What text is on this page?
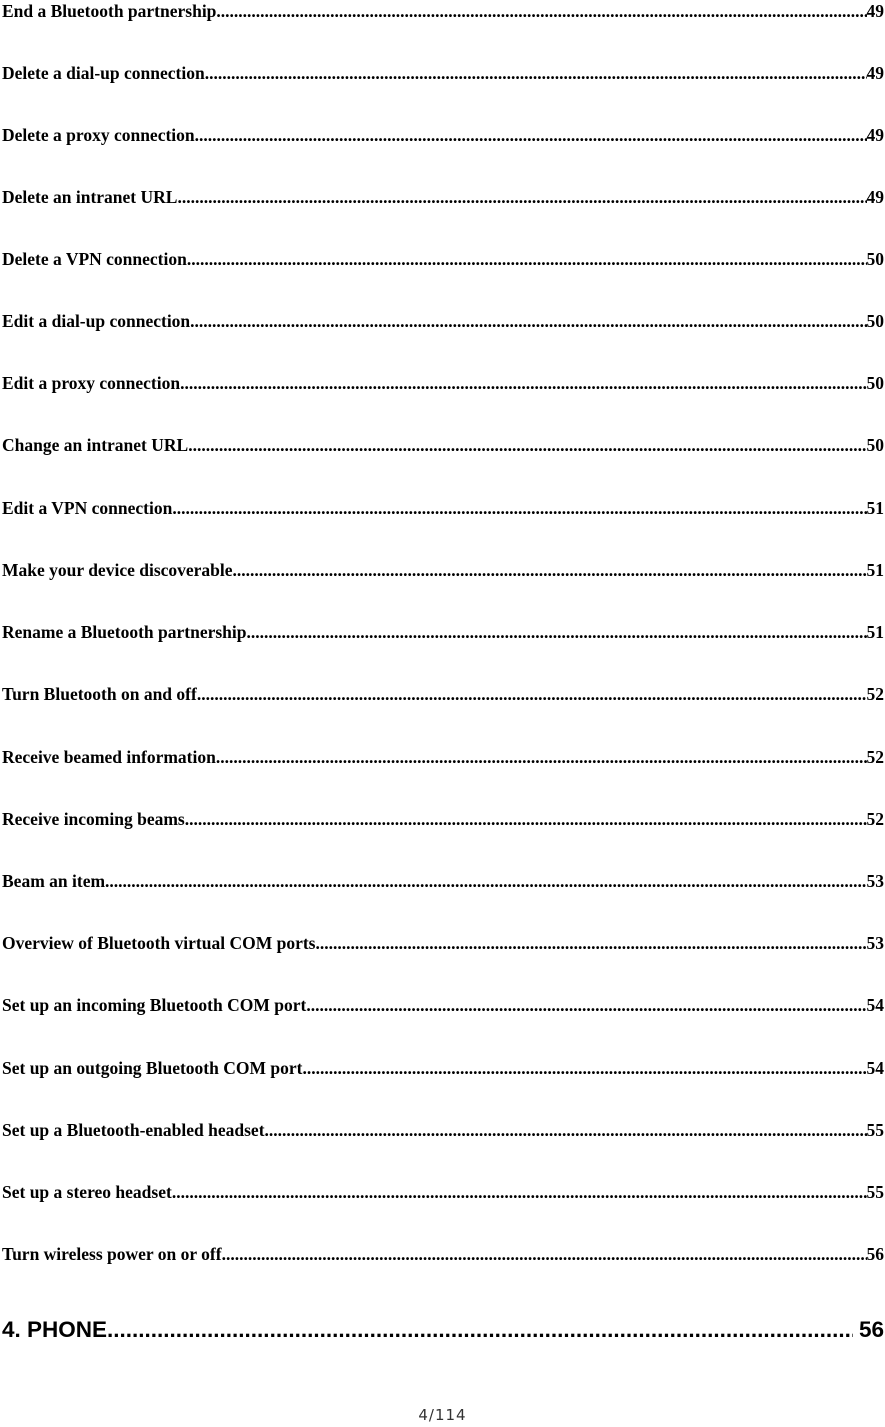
End a Bluetooth partnership .....	49
Delete a dial-up connection .....	49
Delete a proxy connection .....	49
Delete an intranet URL .....	49
Delete a VPN connection .....	50
Edit a dial-up connection .....	50
Edit a proxy connection .....	50
Change an intranet URL .....	50
Edit a VPN connection .....	51
Make your device discoverable .....	51
Rename a Bluetooth partnership .....	51
Turn Bluetooth on and off .....	52
Receive beamed information .....	52
Receive incoming beams .....	52
Beam an item .....	53
Overview of Bluetooth virtual COM ports .....	53
Set up an incoming Bluetooth COM port .....	54
Set up an outgoing Bluetooth COM port .....	54
Set up a Bluetooth-enabled headset .....	55
Set up a stereo headset .....	55
Turn wireless power on or off .....	56
4. PHONE .....	56
4/114
